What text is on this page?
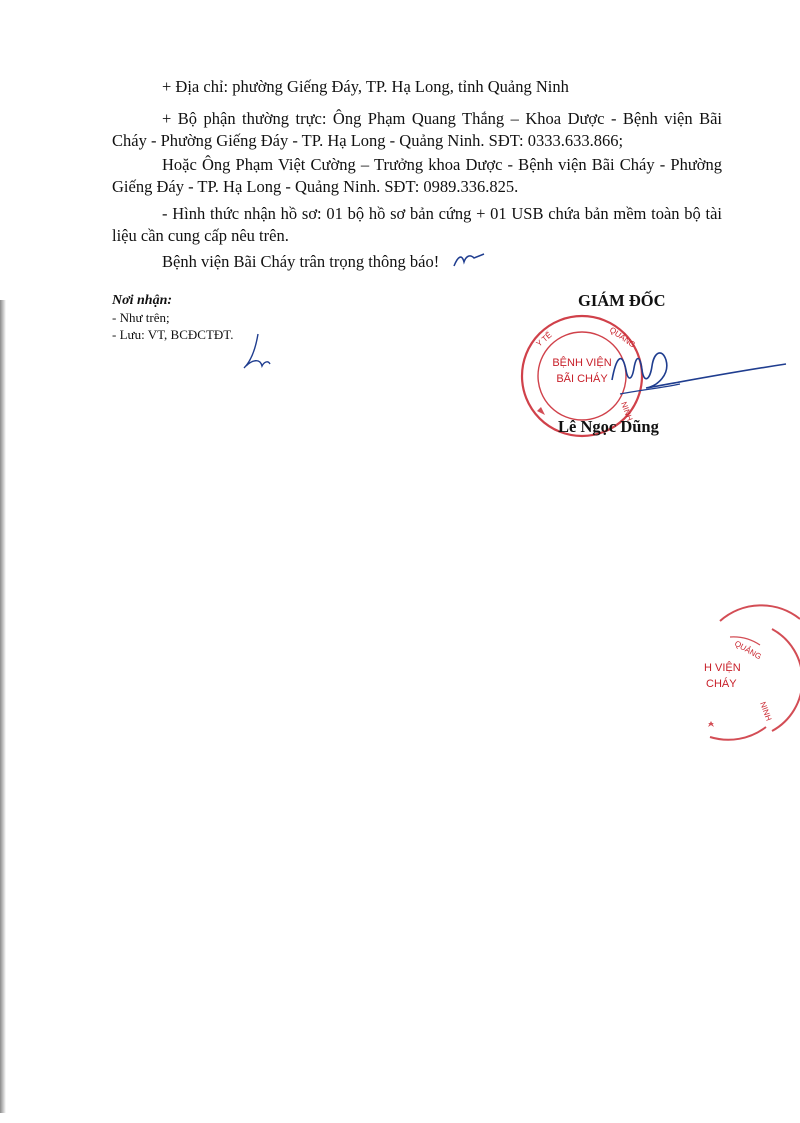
+ Địa chỉ: phường Giếng Đáy, TP. Hạ Long, tỉnh Quảng Ninh

+ Bộ phận thường trực: Ông Phạm Quang Thắng – Khoa Dược - Bệnh viện Bãi Cháy - Phường Giếng Đáy - TP. Hạ Long - Quảng Ninh. SĐT: 0333.633.866;

Hoặc Ông Phạm Việt Cường – Trưởng khoa Dược - Bệnh viện Bãi Cháy - Phường Giếng Đáy - TP. Hạ Long - Quảng Ninh. SĐT: 0989.336.825.

- Hình thức nhận hồ sơ: 01 bộ hồ sơ bản cứng + 01 USB chứa bản mềm toàn bộ tài liệu cần cung cấp nêu trên.

Bệnh viện Bãi Cháy trân trọng thông báo!

Nơi nhận:
- Như trên;
- Lưu: VT, BCĐCTĐT.
GIÁM ĐỐC
Y TẾ	QUẢNG
NINH
BỆNH VIỆN
BÃI CHÁY
Lê Ngọc Dũng
QUẢNG
NINH
H VIỆN
CHÁY
